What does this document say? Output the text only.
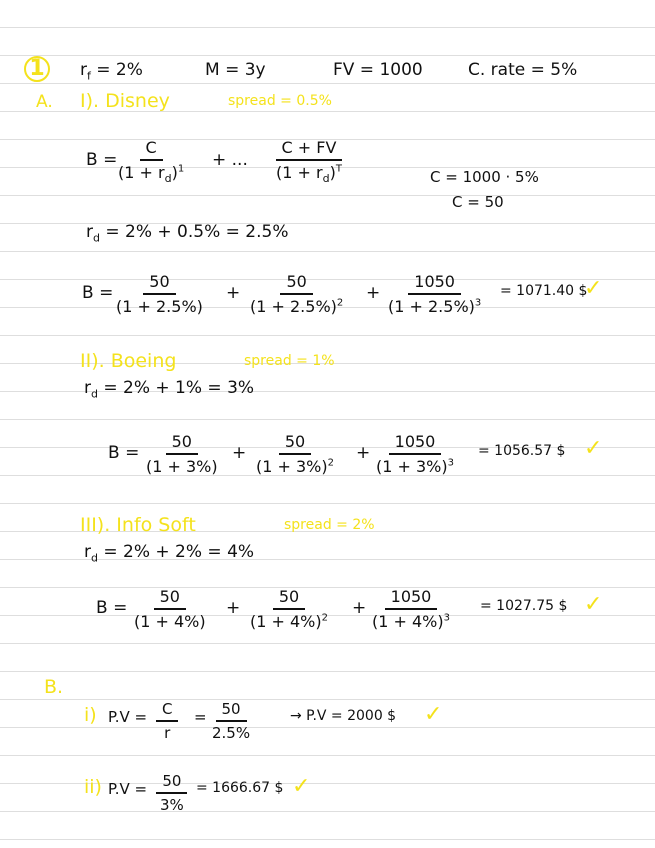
1	$r_f = 2\%$	M = 3y	FV = 1000	C. rate = 5%
A. I). Disney	spread = 0.5%
B =
$\frac{C}{(1 + r_d)^1}$ + ... $\frac{C + FV}{(1 + r_d)^T}$	C = 1000 · 5%
C = 50
$r_d = 2\% + 0.5\% = 2.5\%$
B =
$\frac{50}{(1 + 2.5\%)} + \frac{50}{(1 + 2.5\%)^2} + \frac{1050}{(1 + 2.5\%)^3} = 1071.40$ $
✓
II). Boeing	spread = 1%
$r_d = 2\% + 1\% = 3\%$
$B = \frac{50}{(1 + 3\%)} + \frac{50}{(1 + 3\%)^2} + \frac{1050}{(1 + 3\%)^3} = 1056.57$ $ ✓
III). Info Soft	spread = 2%
$r_d = 2\% + 2\% = 4\%$
$B = \frac{50}{(1 + 4\%)} + \frac{50}{(1 + 4\%)^2} + \frac{1050}{(1 + 4\%)^3} = 1027.75$ $ ✓
B.
i) $P.V = \frac{C}{r} = \frac{50}{2.5\%} \to P.V = 2000$ $ ✓
ii) $P.V = \frac{50}{3\%} = 1666.67$ $ ✓
